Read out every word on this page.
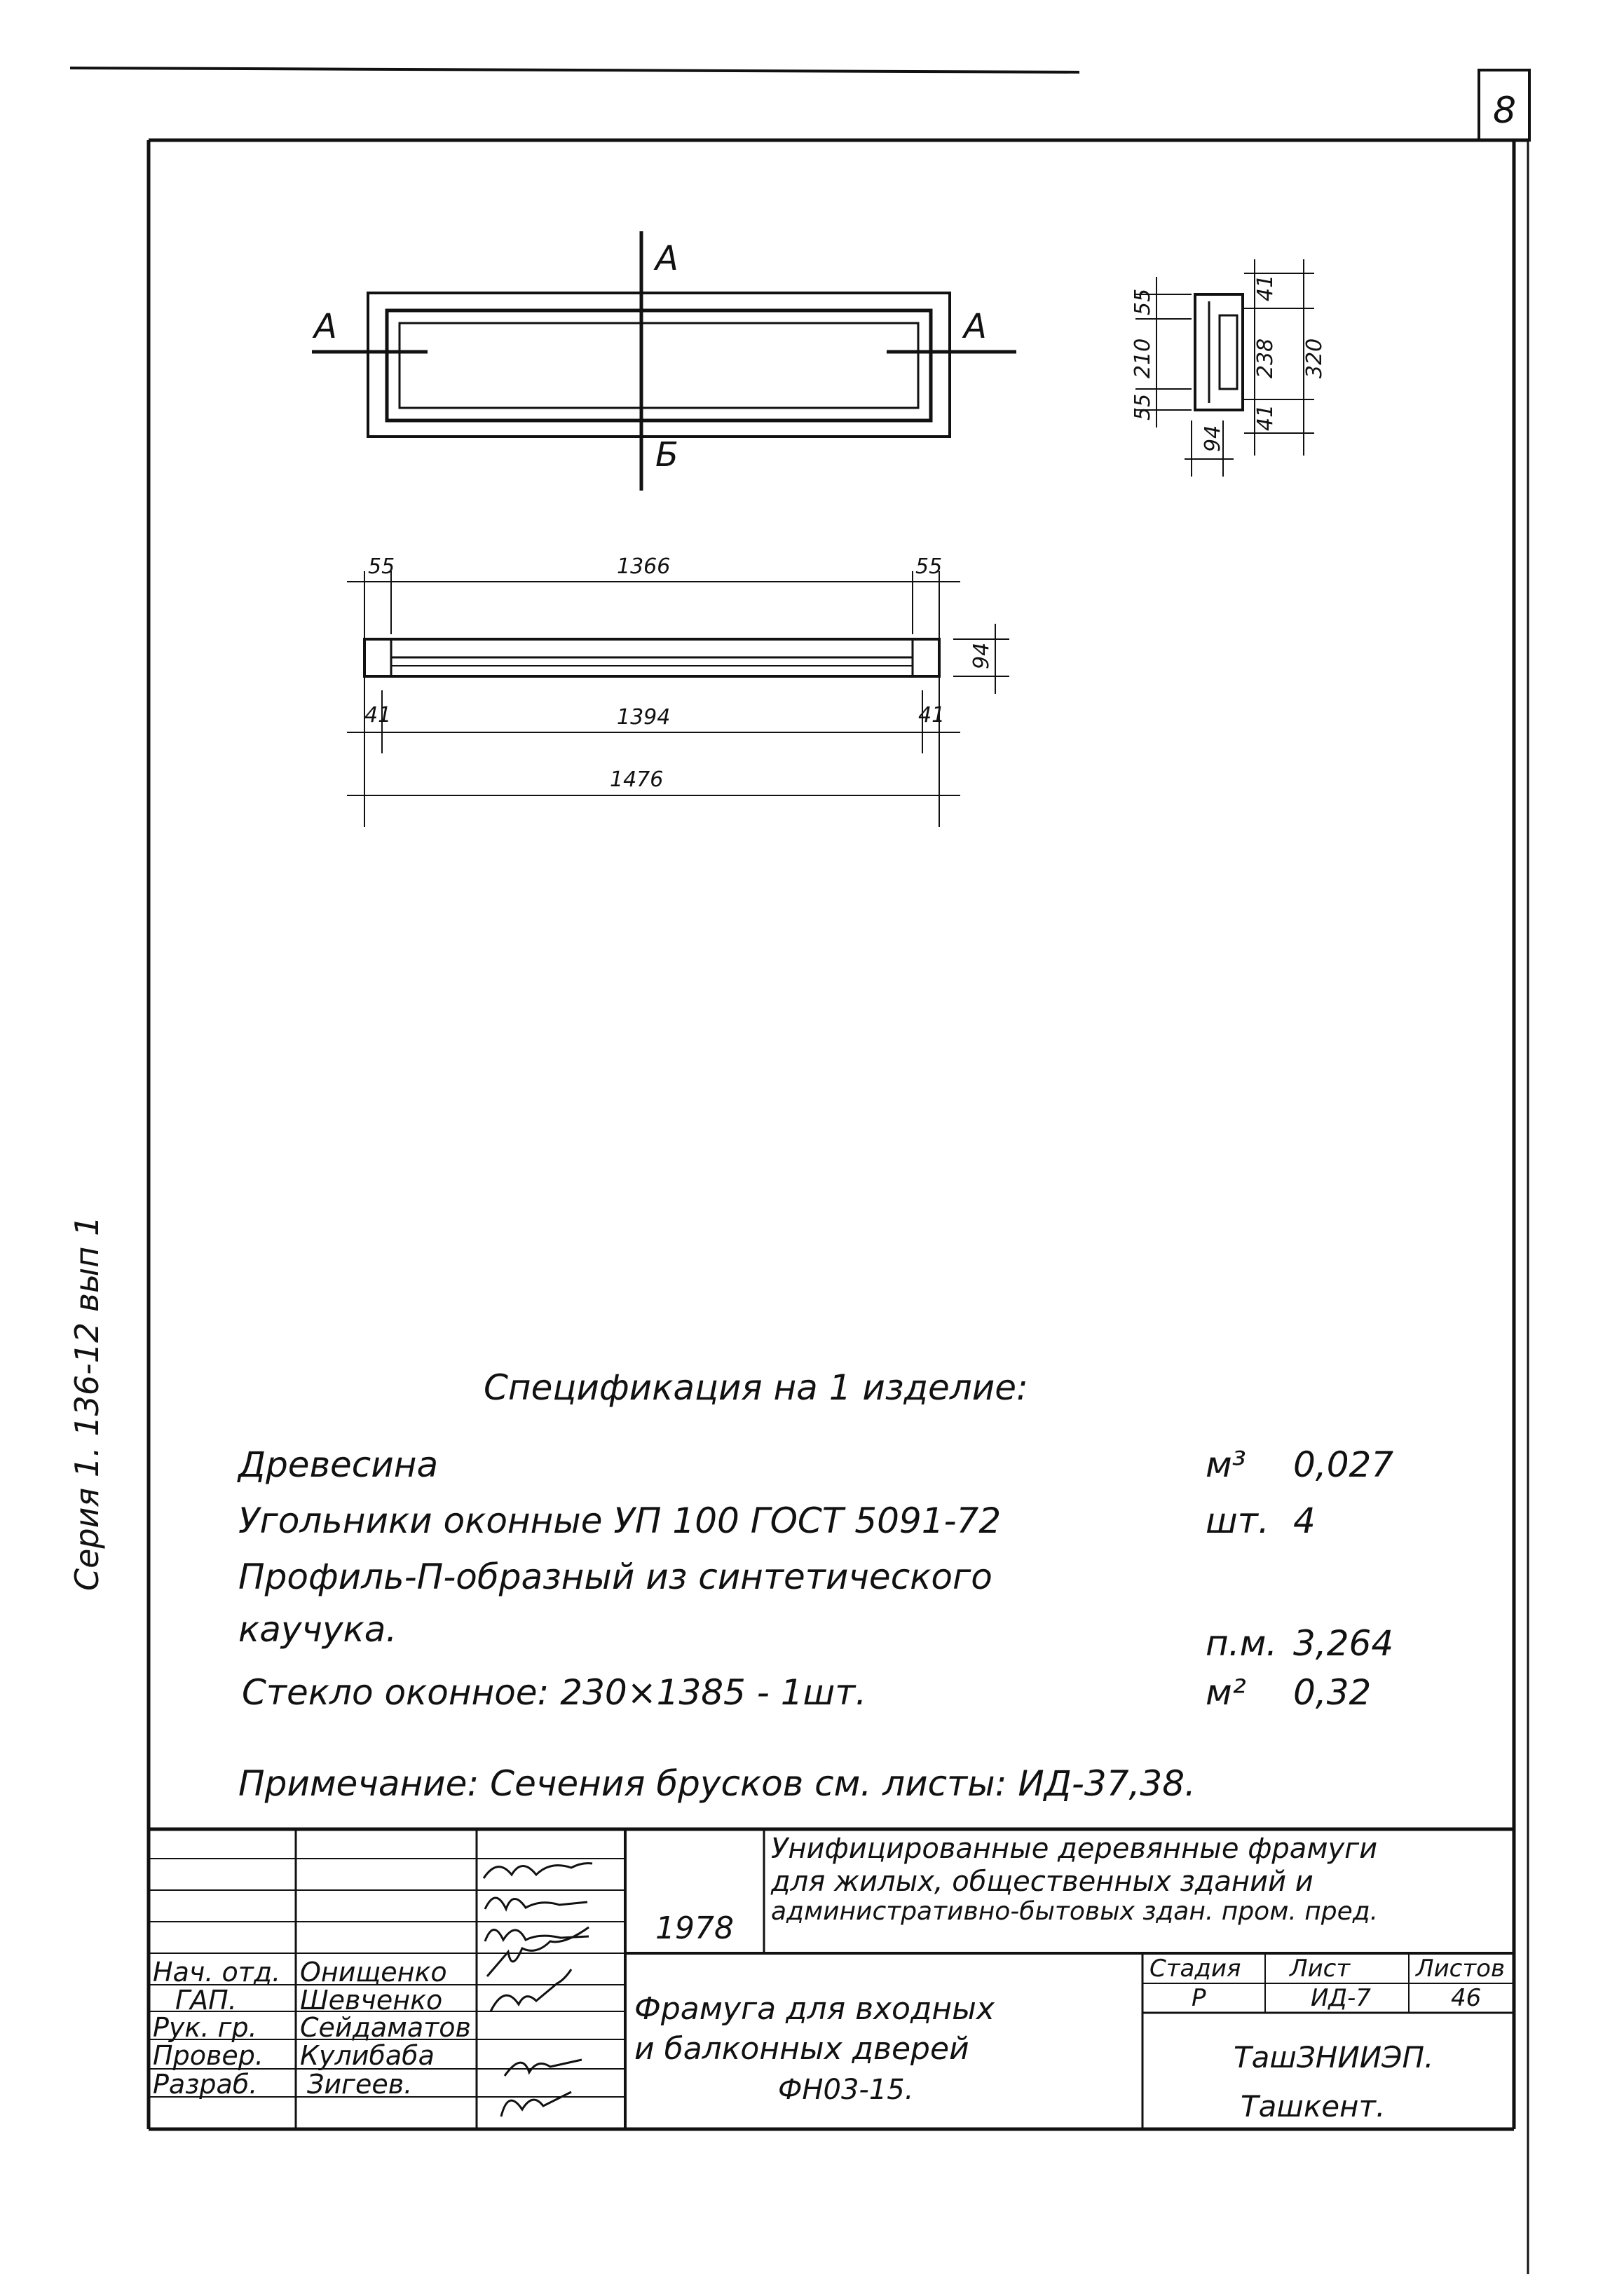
А
А	А
Б
55	1366	55
94
41	1394	41
1476
55
210
55
41
238
41
320
94
Серия 1. 136-12 вып 1
8
Спецификация на 1 изделие:
Древесина	м³ 0,027
Угольники оконные УП 100 ГОСТ 5091-72	шт. 4
Профиль-П-образный из синтетического
каучука.	п.м. 3,264
Стекло оконное: 230×1385 - 1шт.	м² 0,32
Примечание: Сечения брусков см. листы: ИД-37,38.
1978
Унифицированные деревянные фрамуги
для жилых, общественных зданий и
административно-бытовых здан. пром. пред.
Нач. отд. Онищенко
ГАП. Шевченко
Рук. гр. Сейдаматов
Провер. Кулибаба
Разраб. Зигеев.
Фрамуга для входных
и балконных дверей
ФН03-15.
Стадия Лист	Листов
Р	ИД-7	46
ТашЗНИИЭП.
Ташкент.
